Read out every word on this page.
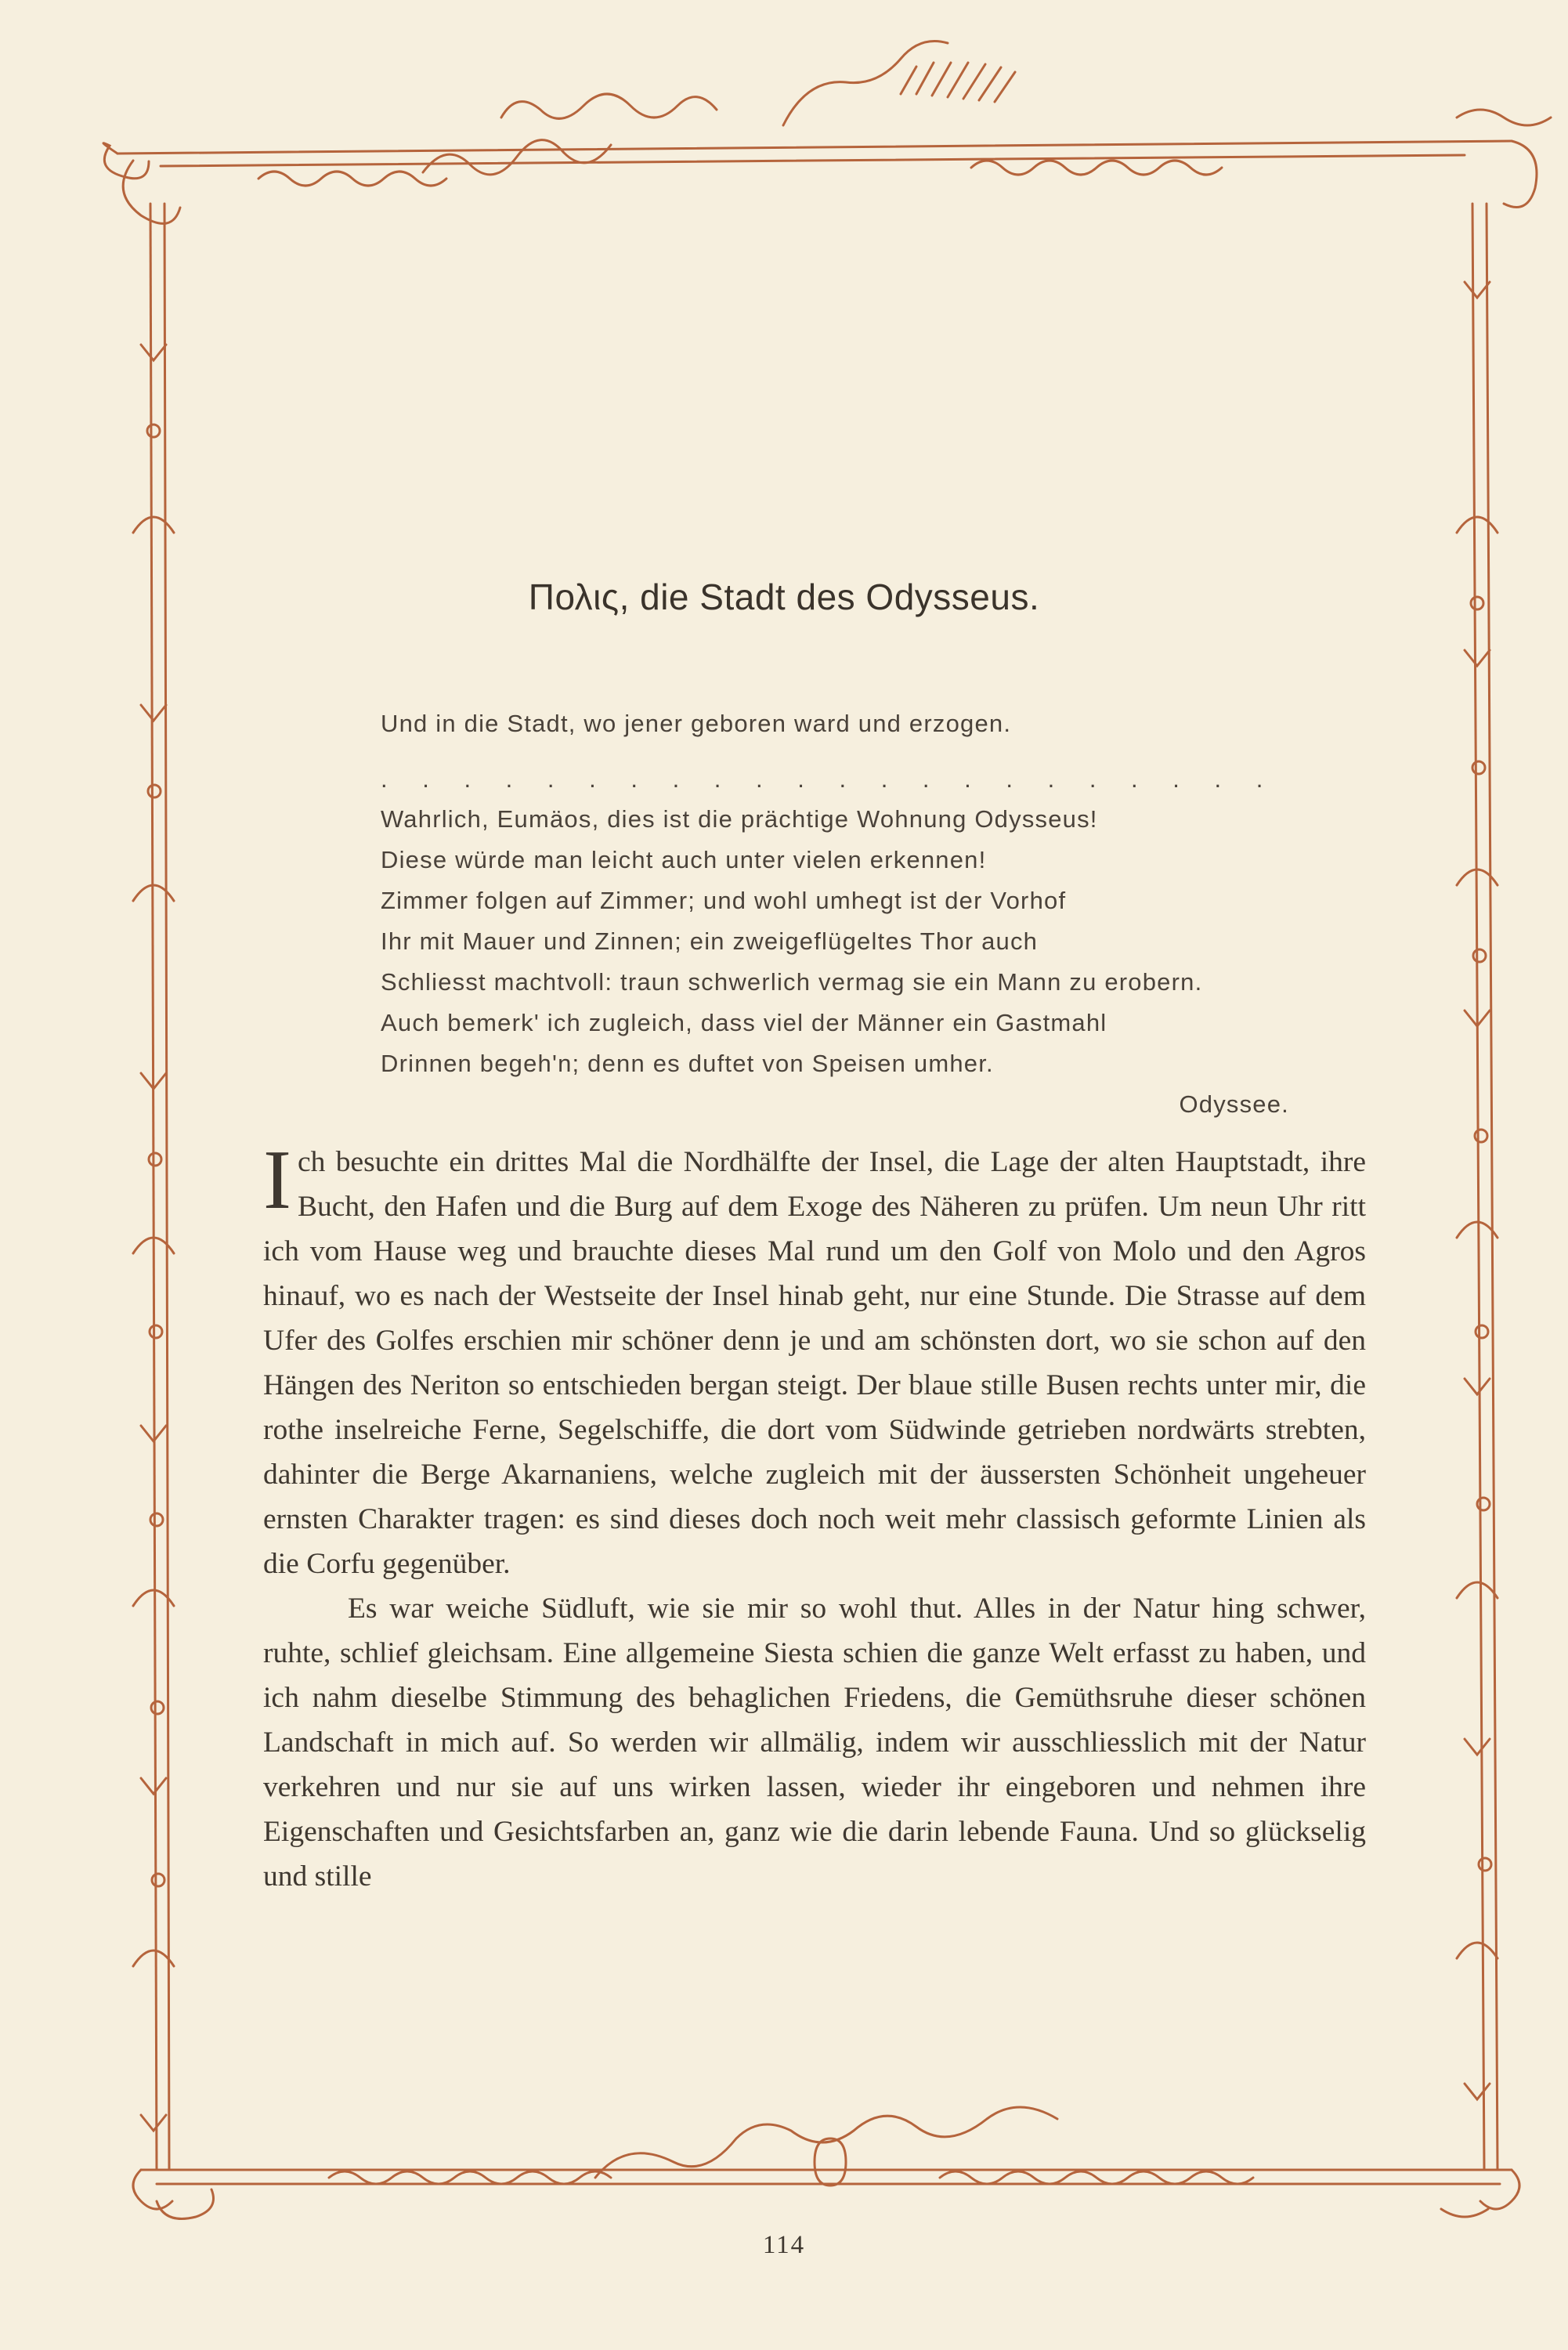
Πολις, die Stadt des Odysseus.
Und in die Stadt, wo jener geboren ward und erzogen.
. . . . . . . . . . . . . . . . . . . . . .
Wahrlich, Eumäos, dies ist die prächtige Wohnung Odysseus!
Diese würde man leicht auch unter vielen erkennen!
Zimmer folgen auf Zimmer; und wohl umhegt ist der Vorhof
Ihr mit Mauer und Zinnen; ein zweigeflügeltes Thor auch
Schliesst machtvoll: traun schwerlich vermag sie ein Mann zu erobern.
Auch bemerk' ich zugleich, dass viel der Männer ein Gastmahl
Drinnen begeh'n; denn es duftet von Speisen umher.
Odyssee.

Ich besuchte ein drittes Mal die Nordhälfte der Insel, die Lage der alten Hauptstadt, ihre Bucht, den Hafen und die Burg auf dem Exoge des Näheren zu prüfen. Um neun Uhr ritt ich vom Hause weg und brauchte dieses Mal rund um den Golf von Molo und den Agros hinauf, wo es nach der Westseite der Insel hinab geht, nur eine Stunde. Die Strasse auf dem Ufer des Golfes erschien mir schöner denn je und am schönsten dort, wo sie schon auf den Hängen des Neriton so entschieden bergan steigt. Der blaue stille Busen rechts unter mir, die rothe inselreiche Ferne, Segelschiffe, die dort vom Südwinde getrieben nordwärts strebten, dahinter die Berge Akarnaniens, welche zugleich mit der äussersten Schönheit ungeheuer ernsten Charakter tragen: es sind dieses doch noch weit mehr classisch geformte Linien als die Corfu gegenüber.

Es war weiche Südluft, wie sie mir so wohl thut. Alles in der Natur hing schwer, ruhte, schlief gleichsam. Eine allgemeine Siesta schien die ganze Welt erfasst zu haben, und ich nahm dieselbe Stimmung des behaglichen Friedens, die Gemüthsruhe dieser schönen Landschaft in mich auf. So werden wir allmälig, indem wir ausschliesslich mit der Natur verkehren und nur sie auf uns wirken lassen, wieder ihr eingeboren und nehmen ihre Eigenschaften und Gesichtsfarben an, ganz wie die darin lebende Fauna. Und so glückselig und stille

114
